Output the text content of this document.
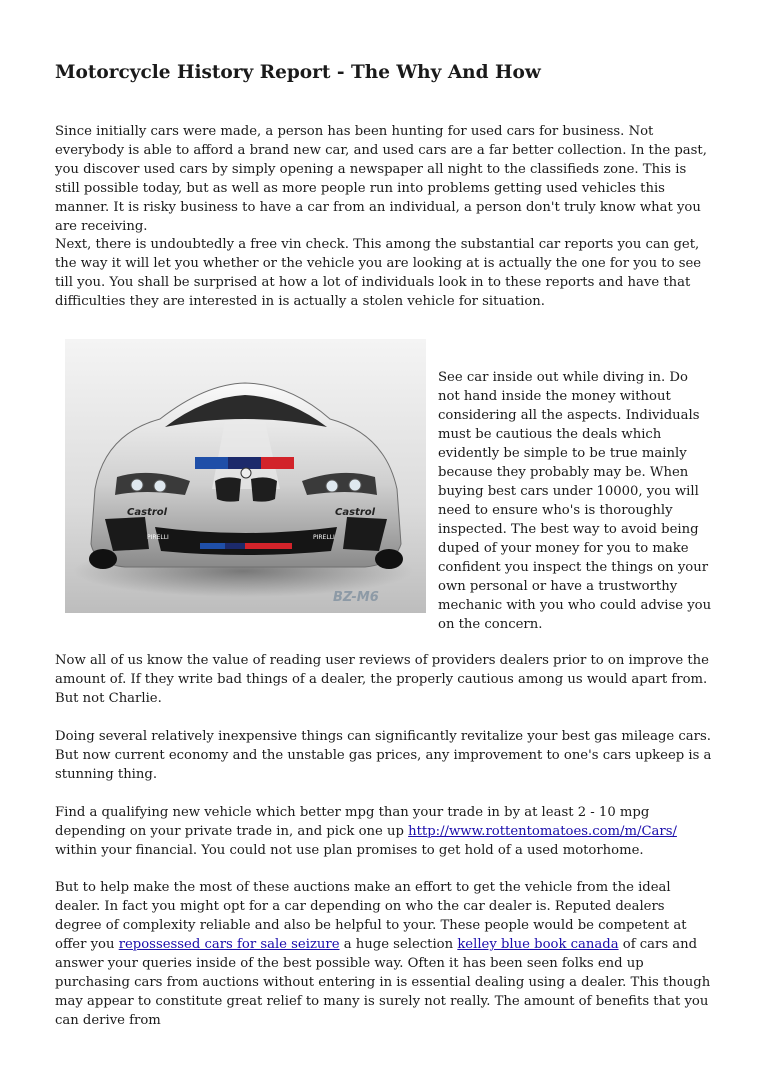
Motorcycle History Report - The Why And How

Since initially cars were made, a person has been hunting for used cars for business. Not everybody is able to afford a brand new car, and used cars are a far better collection. In the past, you discover used cars by simply opening a newspaper all night to the classifieds zone. This is still possible today, but as well as more people run into problems getting used vehicles this manner. It is risky business to have a car from an individual, a person don't truly know what you are receiving.

Next, there is undoubtedly a free vin check. This among the substantial car reports you can get, the way it will let you whether or the vehicle you are looking at is actually the one for you to see till you. You shall be surprised at how a lot of individuals look in to these reports and have that difficulties they are interested in is actually a stolen vehicle for situation.

Castrol	Castrol
PIRELLI	PIRELLI
BZ-M6

See car inside out while diving in. Do not hand inside the money without considering all the aspects. Individuals must be cautious the deals which evidently be simple to be true mainly because they probably may be. When buying best cars under 10000, you will need to ensure who's is thoroughly inspected. The best way to avoid being duped of your money for you to make confident you inspect the things on your own personal or have a trustworthy mechanic with you who could advise you on the concern.

Now all of us know the value of reading user reviews of providers dealers prior to on improve the amount of. If they write bad things of a dealer, the properly cautious among us would apart from. But not Charlie.

Doing several relatively inexpensive things can significantly revitalize your best gas mileage cars. But now current economy and the unstable gas prices, any improvement to one's cars upkeep is a stunning thing.

Find a qualifying new vehicle which better mpg than your trade in by at least 2 - 10 mpg depending on your private trade in, and pick one up http://www.rottentomatoes.com/m/Cars/ within your financial. You could not use plan promises to get hold of a used motorhome.

But to help make the most of these auctions make an effort to get the vehicle from the ideal dealer. In fact you might opt for a car depending on who the car dealer is. Reputed dealers degree of complexity reliable and also be helpful to your. These people would be competent at offer you repossessed cars for sale seizure a huge selection kelley blue book canada of cars and answer your queries inside of the best possible way. Often it has been seen folks end up purchasing cars from auctions without entering in is essential dealing using a dealer. This though may appear to constitute great relief to many is surely not really. The amount of benefits that you can derive from
